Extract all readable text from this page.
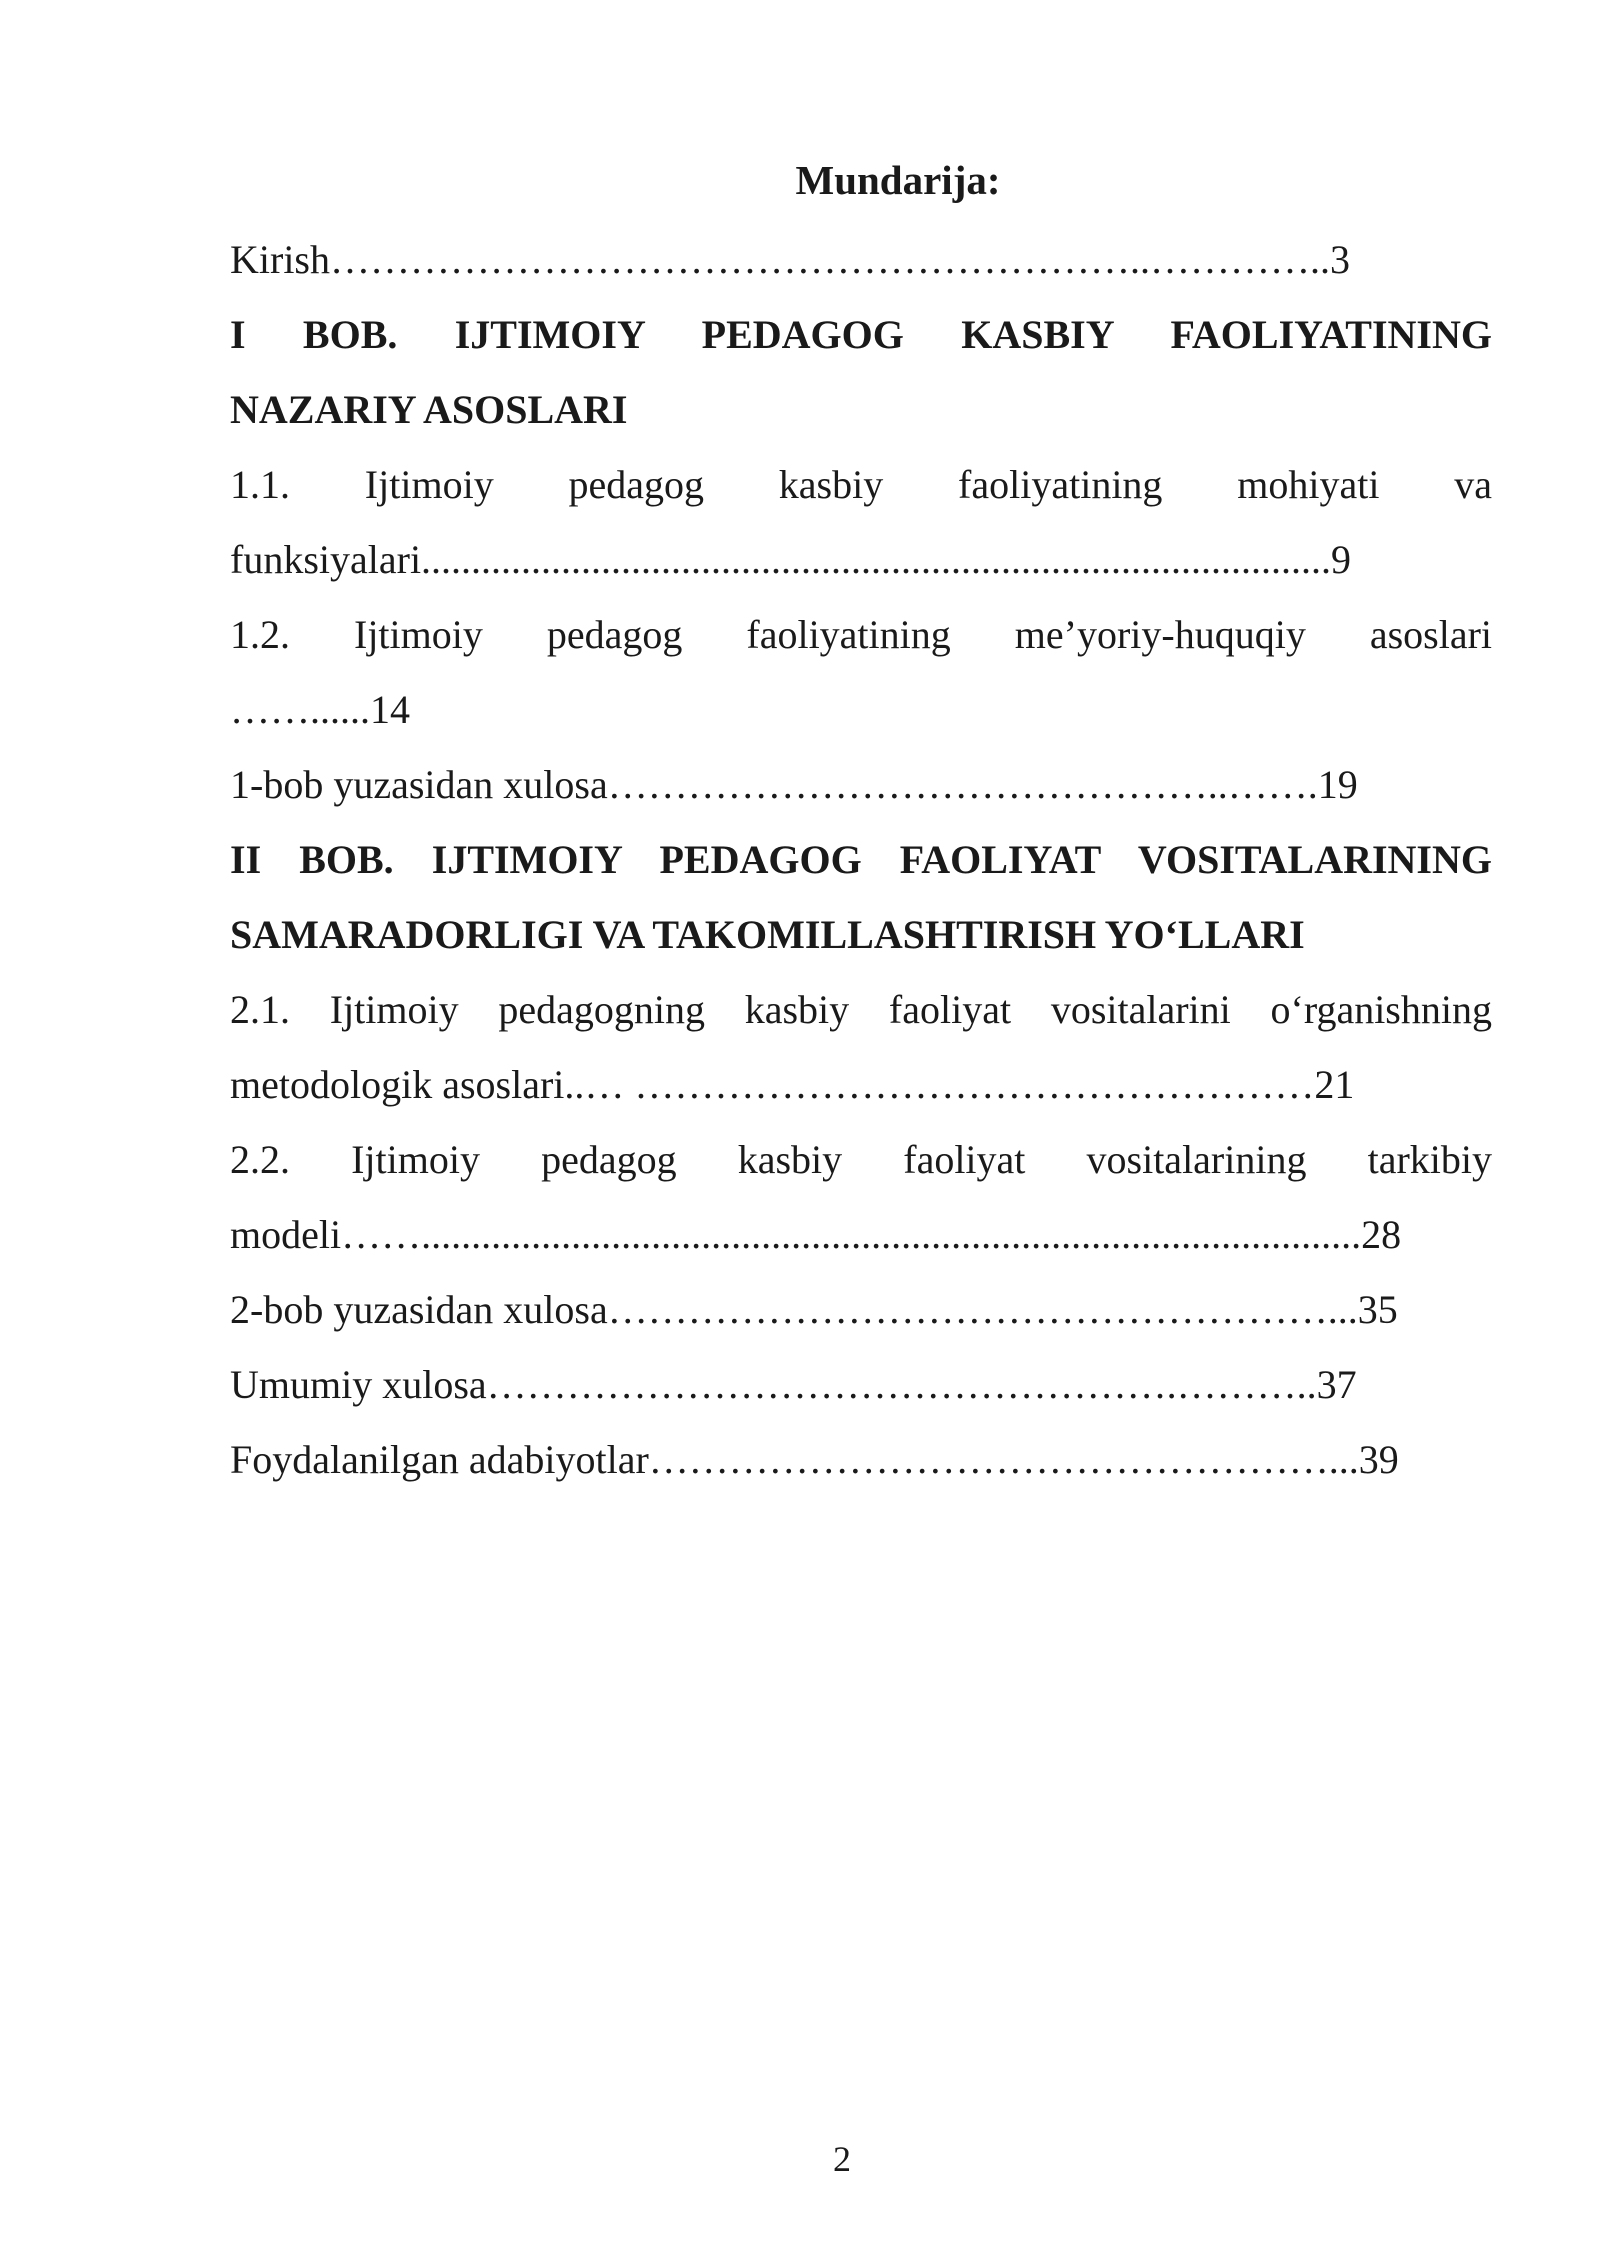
Mundarija:
Kirish……………………………………………………..…………..3
I BOB. IJTIMOIY PEDAGOG KASBIY FAOLIYATINING
NAZARIY ASOSLARI
1.1. Ijtimoiy pedagog kasbiy faoliyatining mohiyati va
funksiyalari...........................................................................................9
1.2. Ijtimoiy pedagog faoliyatining me’yoriy-huquqiy asoslari
……......14
1-bob yuzasidan xulosa………………………………………..…….19
II BOB. IJTIMOIY PEDAGOG FAOLIYAT VOSITALARINING
SAMARADORLIGI VA TAKOMILLASHTIRISH YO‘LLARI
2.1. Ijtimoiy pedagogning kasbiy faoliyat vositalarini o‘rganishning
metodologik asoslari..… ……………………………………………21
2.2. Ijtimoiy pedagog kasbiy faoliyat vositalarining tarkibiy
modeli……..............................................................................................28
2-bob yuzasidan xulosa………………………………………………...35
Umumiy xulosa…………………………………………….………..37
Foydalanilgan adabiyotlar……………………………………………...39
2
